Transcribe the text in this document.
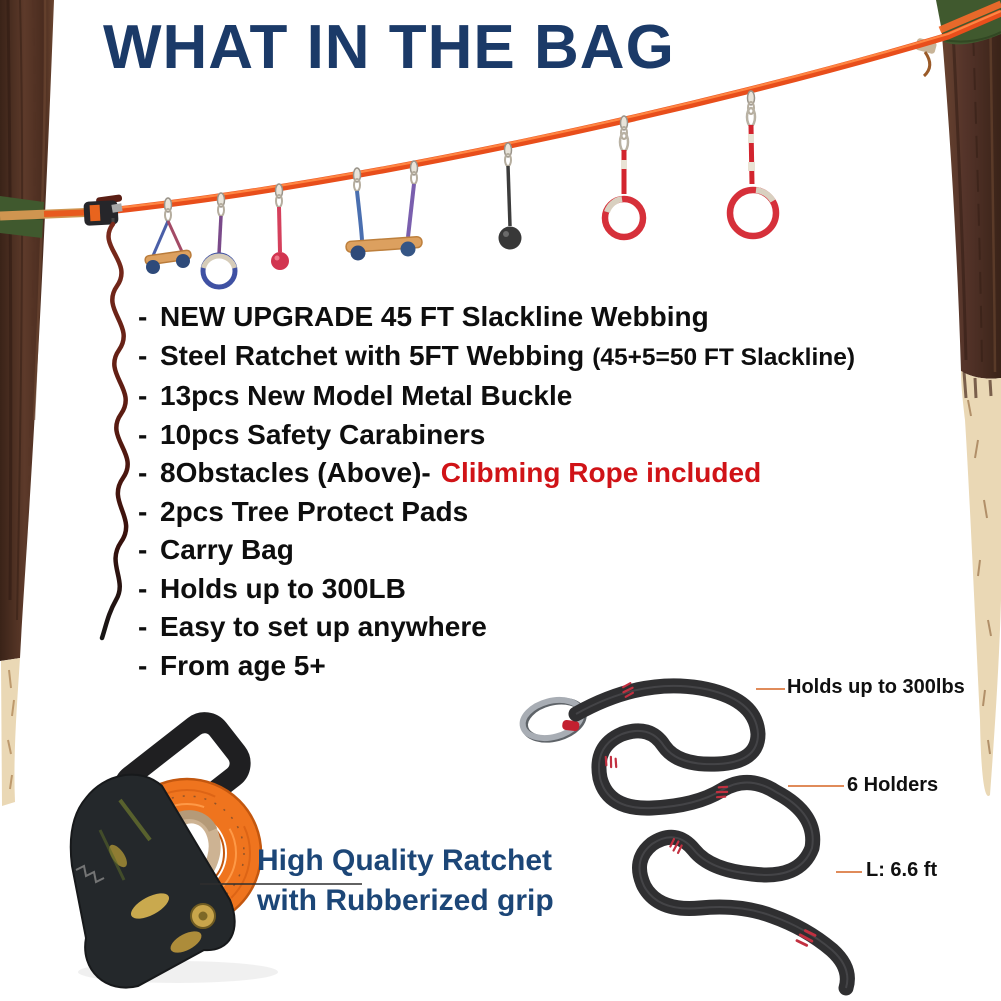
WHAT IN THE BAG
- NEW UPGRADE 45 FT Slackline Webbing
- Steel Ratchet with 5FT Webbing (45+5=50 FT Slackline)
- 13pcs New Model Metal Buckle
- 10pcs Safety Carabiners
- 8Obstacles (Above)- Clibming Rope included
- 2pcs Tree Protect Pads
- Carry Bag
- Holds up to 300LB
- Easy to set up anywhere
- From age 5+
High Quality Ratchet
with Rubberized grip
Holds up to 300lbs
6 Holders
L: 6.6 ft
